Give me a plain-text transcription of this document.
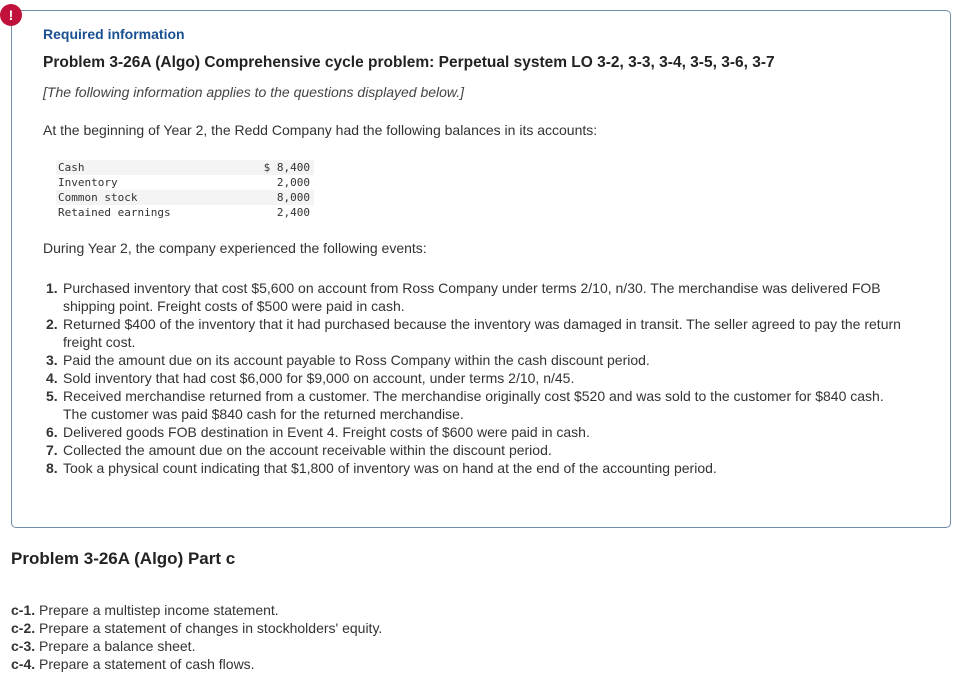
!
Required information
Problem 3-26A (Algo) Comprehensive cycle problem: Perpetual system LO 3-2, 3-3, 3-4, 3-5, 3-6, 3-7
[The following information applies to the questions displayed below.]
At the beginning of Year 2, the Redd Company had the following balances in its accounts:
Cash	$ 8,400
Inventory	2,000
Common stock	8,000
Retained earnings	2,400
During Year 2, the company experienced the following events:
1. Purchased inventory that cost $5,600 on account from Ross Company under terms 2/10, n/30. The merchandise was delivered FOB shipping point. Freight costs of $500 were paid in cash.
2. Returned $400 of the inventory that it had purchased because the inventory was damaged in transit. The seller agreed to pay the return freight cost.
3. Paid the amount due on its account payable to Ross Company within the cash discount period.
4. Sold inventory that had cost $6,000 for $9,000 on account, under terms 2/10, n/45.
5. Received merchandise returned from a customer. The merchandise originally cost $520 and was sold to the customer for $840 cash. The customer was paid $840 cash for the returned merchandise.
6. Delivered goods FOB destination in Event 4. Freight costs of $600 were paid in cash.
7. Collected the amount due on the account receivable within the discount period.
8. Took a physical count indicating that $1,800 of inventory was on hand at the end of the accounting period.
Problem 3-26A (Algo) Part c
c-1. Prepare a multistep income statement.
c-2. Prepare a statement of changes in stockholders' equity.
c-3. Prepare a balance sheet.
c-4. Prepare a statement of cash flows.
